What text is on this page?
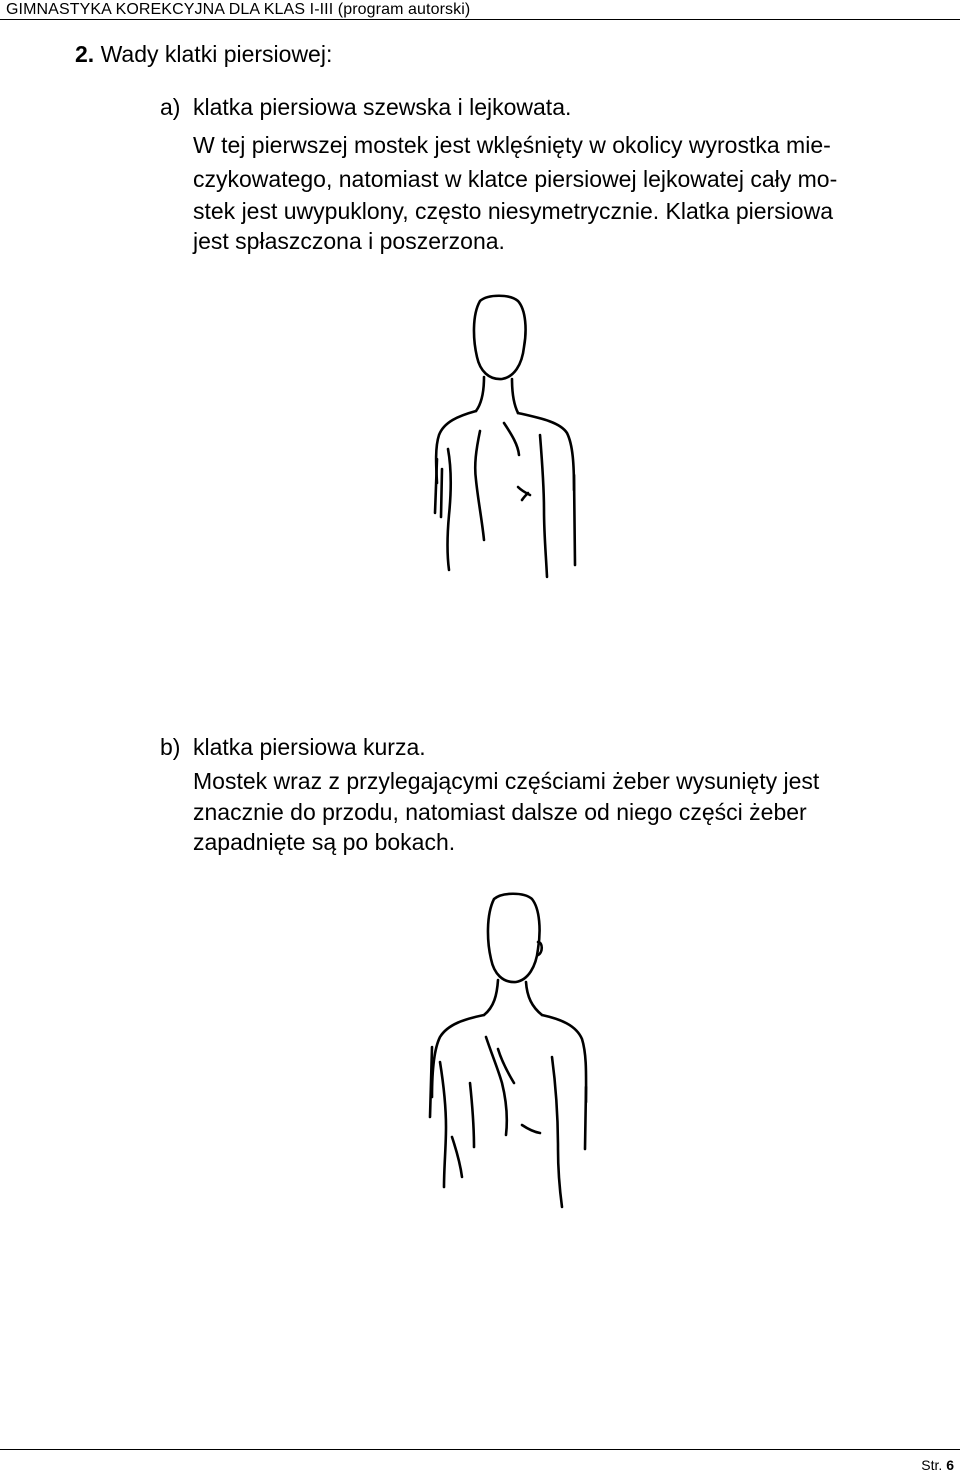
GIMNASTYKA KOREKCYJNA DLA KLAS I-III (program autorski)
2. Wady klatki piersiowej:
a) klatka piersiowa szewska i lejkowata.
W tej pierwszej mostek jest wklęśnięty w okolicy wyrostka mie-
czykowatego, natomiast w klatce piersiowej lejkowatej cały mo-
stek jest uwypuklony, często niesymetrycznie. Klatka piersiowa
jest spłaszczona i poszerzona.
b) klatka piersiowa kurza.
Mostek wraz z przylegającymi częściami żeber wysunięty jest
znacznie do przodu, natomiast dalsze od niego części żeber
zapadnięte są po bokach.
Str. 6
